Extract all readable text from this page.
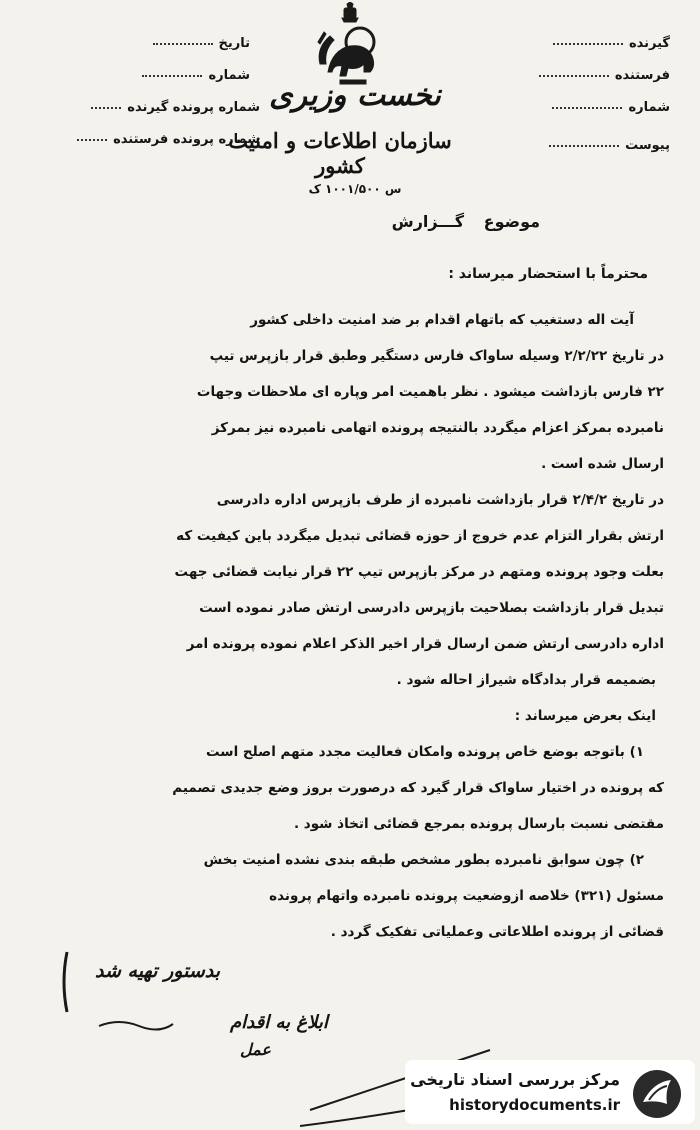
گیرنده
فرستنده
شماره
پیوست
تاریخ
شماره
شماره پرونده گیرنده
شماره پرونده فرستنده
نخست وزیری
سازمان اطلاعات و امنیت کشور
س ۱۰۰۱/۵۰۰ ک
موضوع گـــزارش
محترماً با استحضار میرساند :
آیت اله دستغیب که باتهام اقدام بر ضد امنیت داخلی کشور
در تاریخ ۲/۲/۲۲ وسیله ساواک فارس دستگیر وطبق قرار بازپرس تیپ
۲۲ فارس بازداشت میشود . نظر باهمیت امر وپاره ای ملاحظات وجهات
نامبرده بمرکز اعزام میگردد بالنتیجه پرونده اتهامی نامبرده نیز بمرکز
ارسال شده است .
در تاریخ ۲/۴/۲ قرار بازداشت نامبرده از طرف بازپرس اداره دادرسی
ارتش بقرار التزام عدم خروج از حوزه قضائی تبدیل میگردد باین کیفیت که
بعلت وجود پرونده ومتهم در مرکز بازپرس تیپ ۲۲ قرار نیابت قضائی جهت
تبدیل قرار بازداشت بصلاحیت بازپرس دادرسی ارتش صادر نموده است
اداره دادرسی ارتش ضمن ارسال قرار اخیر الذکر اعلام نموده پرونده امر
بضمیمه قرار بدادگاه شیراز احاله شود .
اینک بعرض میرساند :
۱) باتوجه بوضع خاص پرونده وامکان فعالیت مجدد متهم اصلح است
که پرونده در اختیار ساواک قرار گیرد که درصورت بروز وضع جدیدی تصمیم
مقتضی نسبت بارسال پرونده بمرجع قضائی اتخاذ شود .
۲) چون سوابق نامبرده بطور مشخص طبقه بندی نشده امنیت بخش
مسئول (۳۲۱) خلاصه ازوضعیت پرونده نامبرده واتهام پرونده
قضائی از پرونده اطلاعاتی وعملیاتی تفکیک گردد .
بدستور تهیه شد
ابلاغ به اقدام
عمل
مرکز بررسی اسناد تاریخی
historydocuments.ir
